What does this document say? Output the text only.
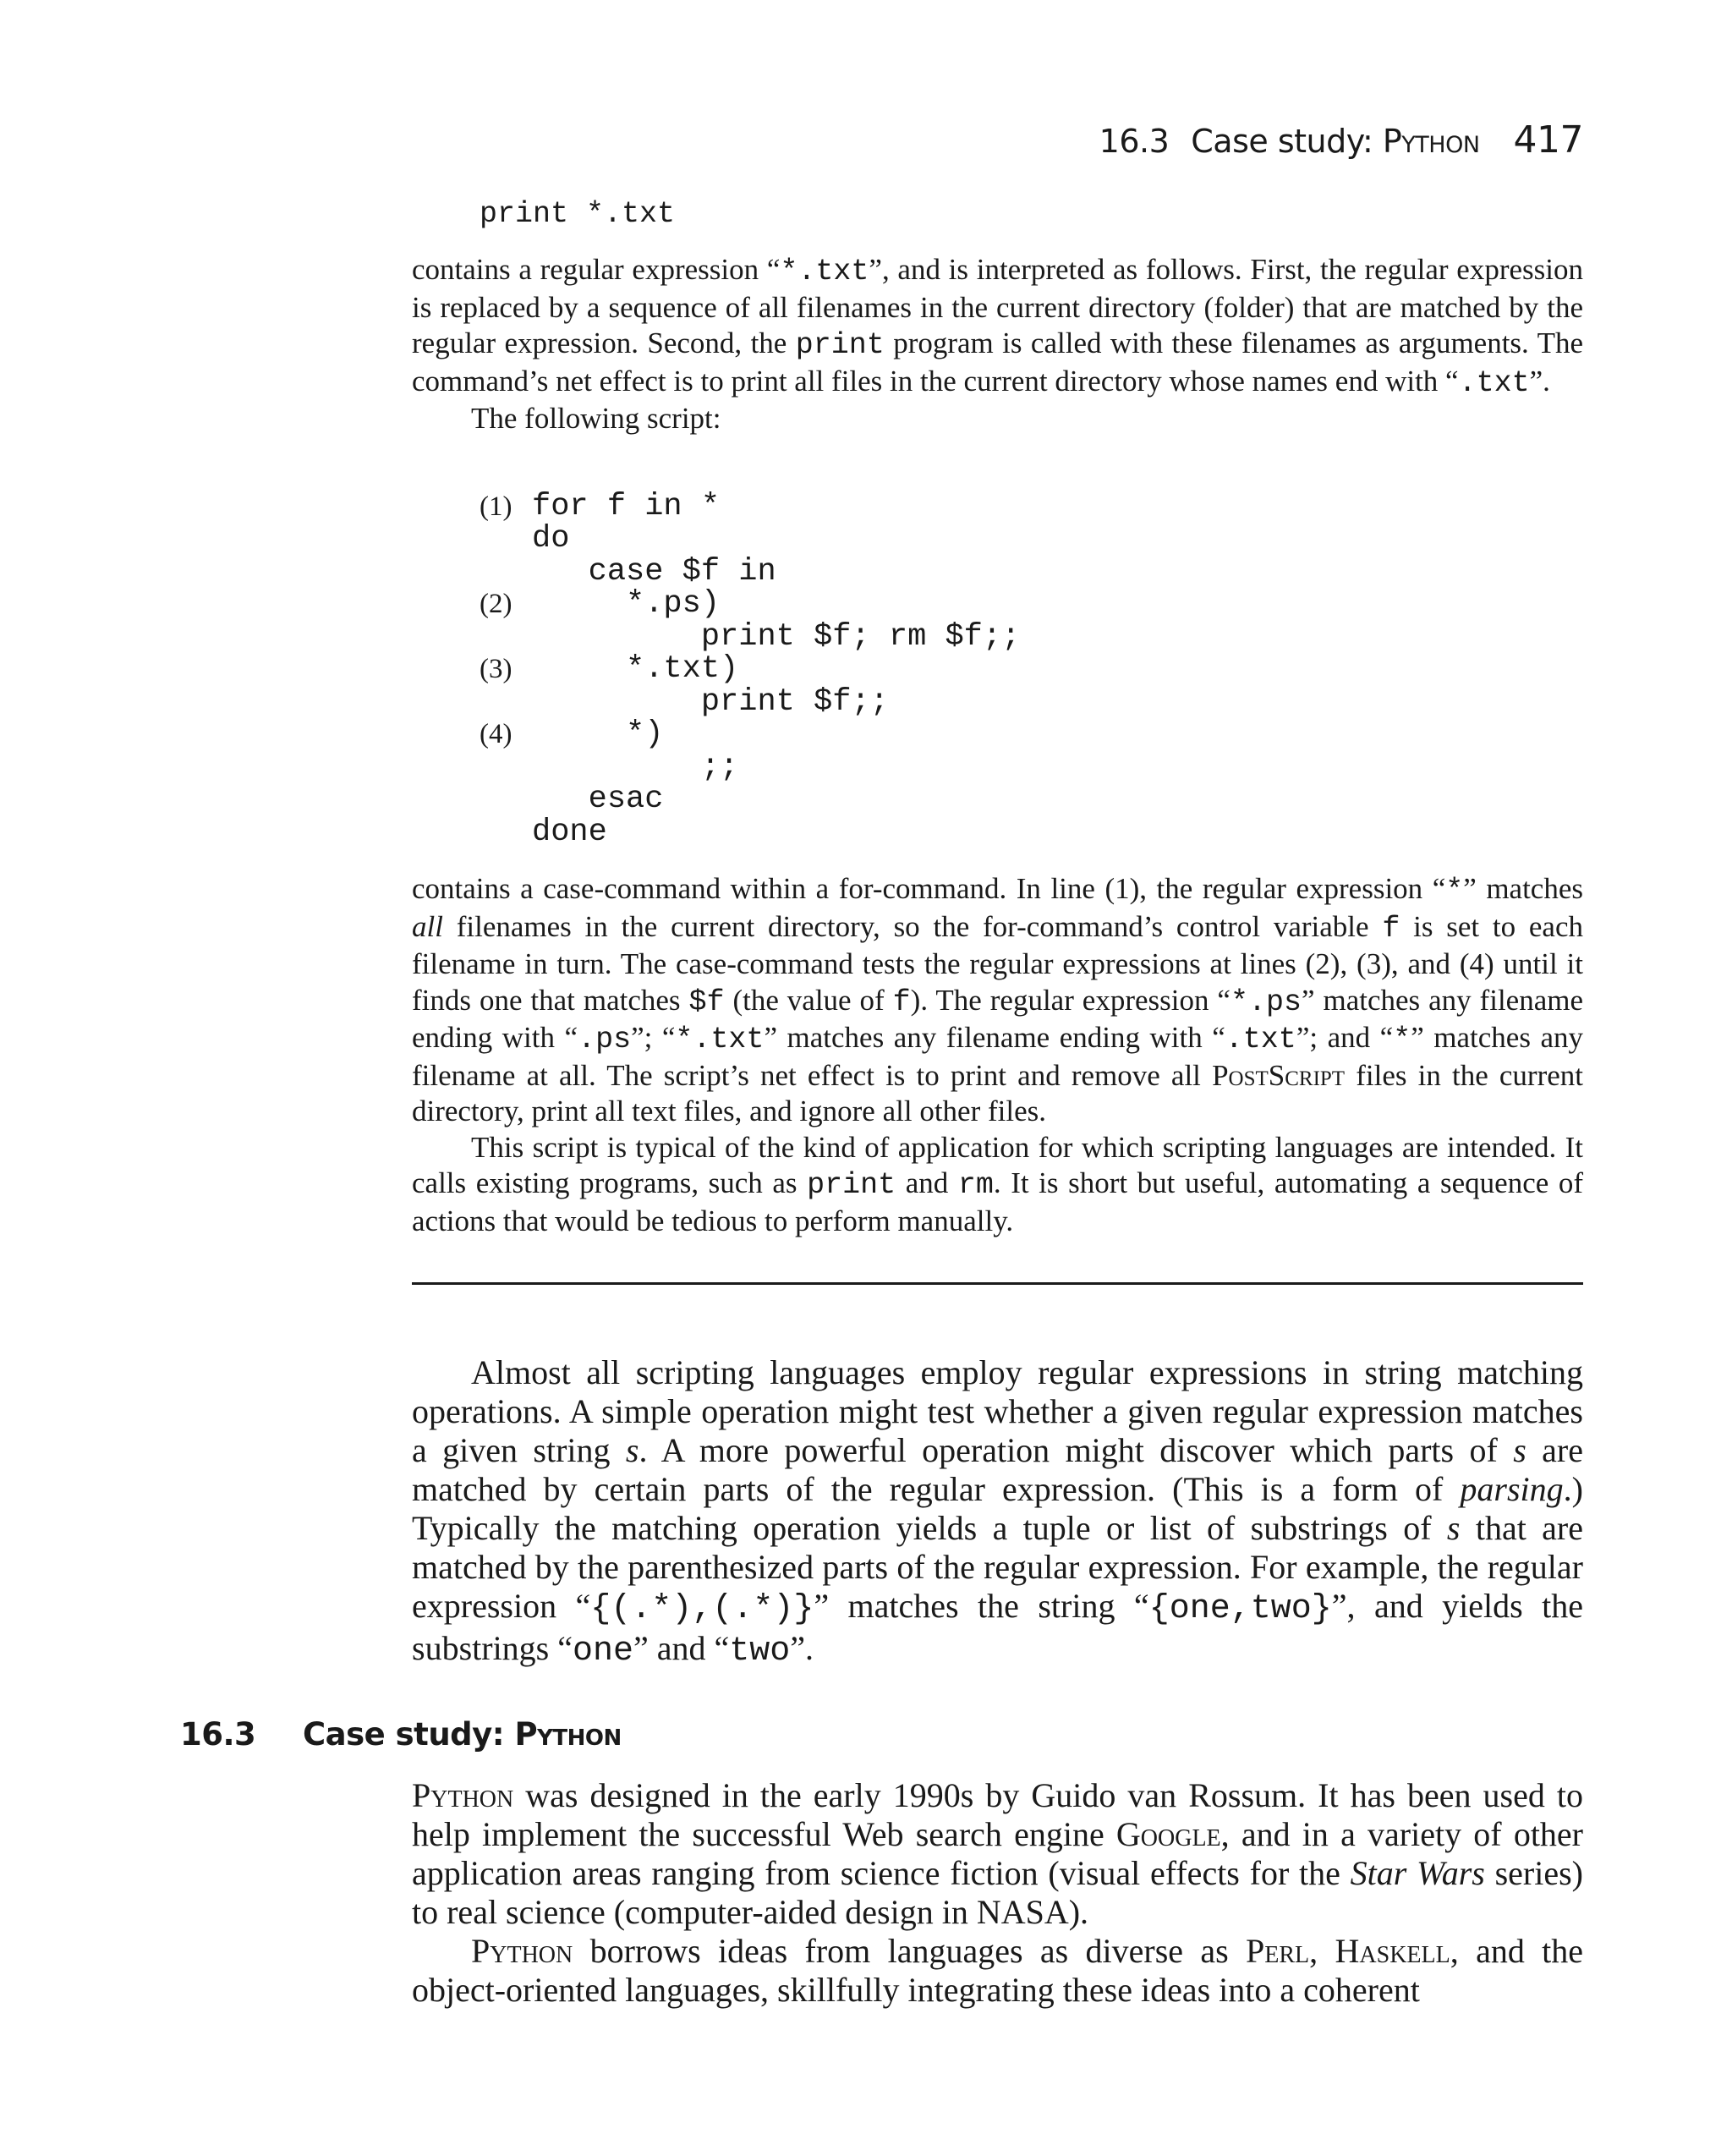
16.3 Case study: Python 417
print *.txt

contains a regular expression “*.txt”, and is interpreted as follows. First, the regular expression is replaced by a sequence of all filenames in the current directory (folder) that are matched by the regular expression. Second, the print program is called with these filenames as arguments. The command’s net effect is to print all files in the current directory whose names end with “.txt”.

The following script:

(1) for f in *
do
case $f in
(2) *.ps)
print $f; rm $f;;
(3) *.txt)
print $f;;
(4) *)
;;
esac
done

contains a case-command within a for-command. In line (1), the regular expression “*” matches all filenames in the current directory, so the for-command’s control variable f is set to each filename in turn. The case-command tests the regular expressions at lines (2), (3), and (4) until it finds one that matches $f (the value of f). The regular expression “*.ps” matches any filename ending with “.ps”; “*.txt” matches any filename ending with “.txt”; and “*” matches any filename at all. The script’s net effect is to print and remove all PostScript files in the current directory, print all text files, and ignore all other files.

This script is typical of the kind of application for which scripting languages are intended. It calls existing programs, such as print and rm. It is short but useful, automating a sequence of actions that would be tedious to perform manually.

Almost all scripting languages employ regular expressions in string matching operations. A simple operation might test whether a given regular expression matches a given string s. A more powerful operation might discover which parts of s are matched by certain parts of the regular expression. (This is a form of parsing.) Typically the matching operation yields a tuple or list of substrings of s that are matched by the parenthesized parts of the regular expression. For example, the regular expression “{(.*),(.*)}” matches the string “{one,two}”, and yields the substrings “one” and “two”.

16.3 Case study: Python

Python was designed in the early 1990s by Guido van Rossum. It has been used to help implement the successful Web search engine Google, and in a variety of other application areas ranging from science fiction (visual effects for the Star Wars series) to real science (computer-aided design in NASA).

Python borrows ideas from languages as diverse as Perl, Haskell, and the object-oriented languages, skillfully integrating these ideas into a coherent
